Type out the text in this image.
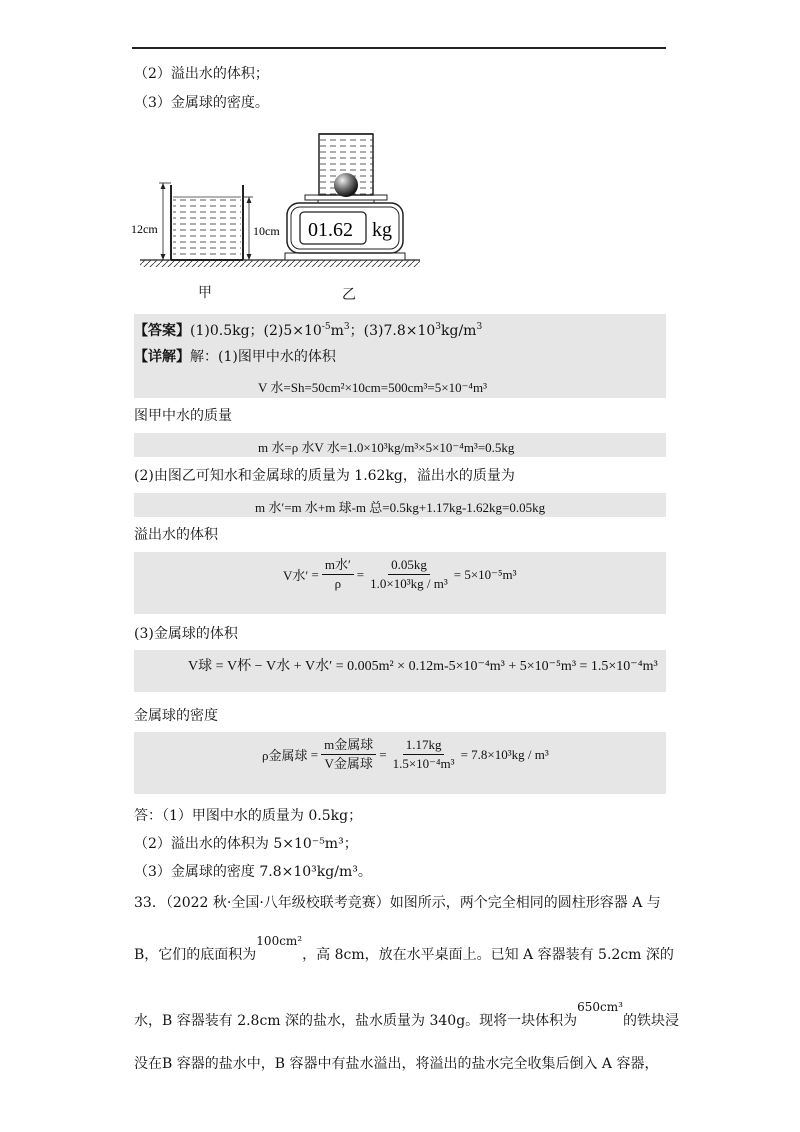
（2）溢出水的体积；
（3）金属球的密度。
12cm	10cm 01.62 kg
甲	乙
【答案】(1)0.5kg；$(2)5\times 10^{-5}m^3$；$(3)7.8\times 10^3kg/m^3$
【详解】解：(1)图甲中水的体积
V 水=Sh=50cm²×10cm=500cm³=5×10⁻⁴m³
图甲中水的质量
m 水=ρ 水V 水=1.0×10³kg/m³×5×10⁻⁴m³=0.5kg
(2)由图乙可知水和金属球的质量为 1.62kg，溢出水的质量为
m 水′=m 水+m 球-m 总=0.5kg+1.17kg-1.62kg=0.05kg
溢出水的体积
V水′ = $\frac{\text{m水′}}{\rho} = \frac{0.05kg}{\text{1.0×10³kg / m³}} = 5\times 10^{-5}m^3$
(3)金属球的体积
V球 = V杯 − V水 + V水′ = 0.005m² × 0.12m-5×10⁻⁴m³ + 5×10⁻⁵m³ = 1.5×10⁻⁴m³
金属球的密度
ρ金属球 = $\frac{\text{m金属球}}{\text{V金属球}} = \frac{1.17kg}{\text{1.5×10⁻⁴m³}} = 7.8\times 10^3kg / m^3$
答：（1）甲图中水的质量为 0.5kg；
（2）溢出水的体积为 5×10⁻⁵m³；
（3）金属球的密度 7.8×10³kg/m³。
33．（2022 秋·全国·八年级校联考竞赛）如图所示，两个完全相同的圆柱形容器 A 与
B，它们的底面积为100cm²，高 8cm，放在水平桌面上。已知 A 容器装有 5.2cm 深的
水，B 容器装有 2.8cm 深的盐水，盐水质量为 340g。现将一块体积为650cm³的铁块浸
没在B 容器的盐水中，B 容器中有盐水溢出，将溢出的盐水完全收集后倒入 A 容器，
